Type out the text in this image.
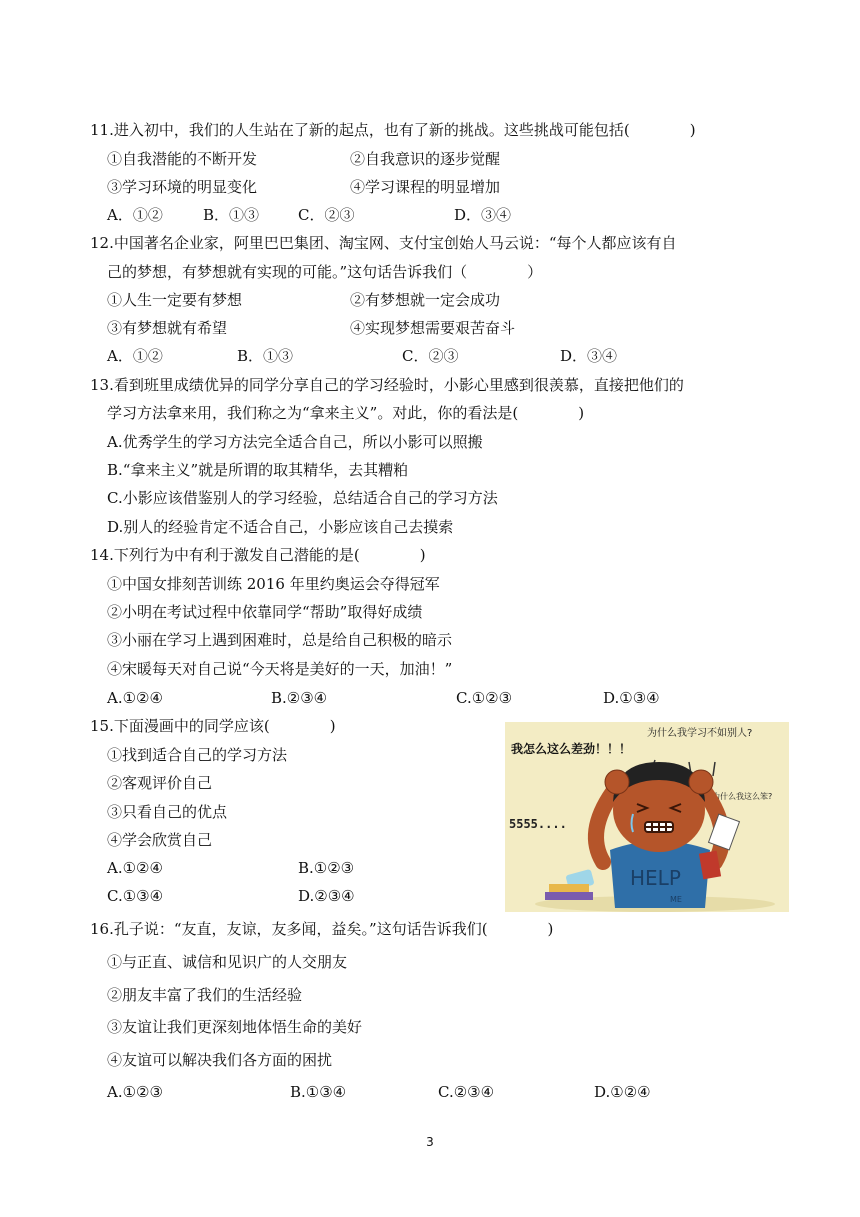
11.进入初中，我们的人生站在了新的起点，也有了新的挑战。这些挑战可能包括(　　　　)
①自我潜能的不断开发	②自我意识的逐步觉醒
③学习环境的明显变化	④学习课程的明显增加
A．①②	B．①③	C．②③	D．③④
12.中国著名企业家，阿里巴巴集团、淘宝网、支付宝创始人马云说：“每个人都应该有自
己的梦想，有梦想就有实现的可能。”这句话告诉我们（　　　　）
①人生一定要有梦想	②有梦想就一定会成功
③有梦想就有希望	④实现梦想需要艰苦奋斗
A．①②	B．①③	C．②③	D．③④
13.看到班里成绩优异的同学分享自己的学习经验时，小影心里感到很羡慕，直接把他们的
学习方法拿来用，我们称之为“拿来主义”。对此，你的看法是(　　　　)
A.优秀学生的学习方法完全适合自己，所以小影可以照搬
B.“拿来主义”就是所谓的取其精华，去其糟粕
C.小影应该借鉴别人的学习经验，总结适合自己的学习方法
D.别人的经验肯定不适合自己，小影应该自己去摸索
14.下列行为中有利于激发自己潜能的是(　　　　)
①中国女排刻苦训练 2016 年里约奥运会夺得冠军
②小明在考试过程中依靠同学“帮助”取得好成绩
③小丽在学习上遇到困难时，总是给自己积极的暗示
④宋暖每天对自己说“今天将是美好的一天，加油！”
A.①②④	B.②③④	C.①②③	D.①③④
15.下面漫画中的同学应该(　　　　)
①找到适合自己的学习方法
②客观评价自己
③只看自己的优点
④学会欣赏自己
A.①②④	B.①②③
C.①③④	D.②③④
为什么我学习不如别人?
我怎么这么差劲！！！
为什么我这么笨?
5555....
HELP
ME
16.孔子说：“友直，友谅，友多闻，益矣。”这句话告诉我们(　　　　)
①与正直、诚信和见识广的人交朋友
②朋友丰富了我们的生活经验
③友谊让我们更深刻地体悟生命的美好
④友谊可以解决我们各方面的困扰
A.①②③	B.①③④	C.②③④	D.①②④
3
